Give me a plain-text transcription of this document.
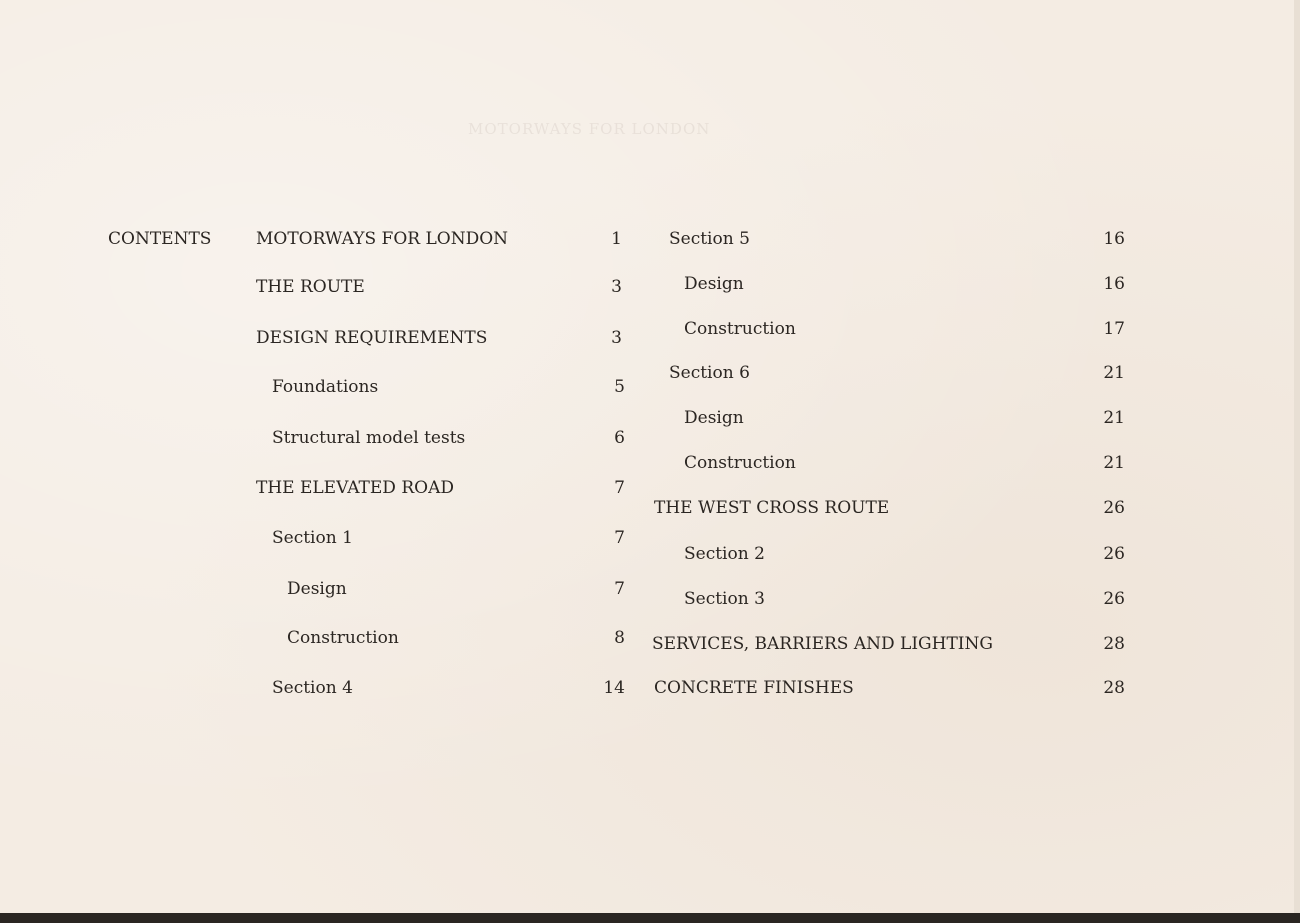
MOTORWAYS FOR LONDON
CONTENTS	MOTORWAYS FOR LONDON	1
THE ROUTE	3
DESIGN REQUIREMENTS	3
Foundations	5
Structural model tests	6
THE ELEVATED ROAD	7
Section 1	7
Design	7
Construction	8
Section 4	14
Section 5	16
Design	16
Construction	17
Section 6	21
Design	21
Construction	21
THE WEST CROSS ROUTE	26
Section 2	26
Section 3	26
SERVICES, BARRIERS AND LIGHTING	28
CONCRETE FINISHES	28
